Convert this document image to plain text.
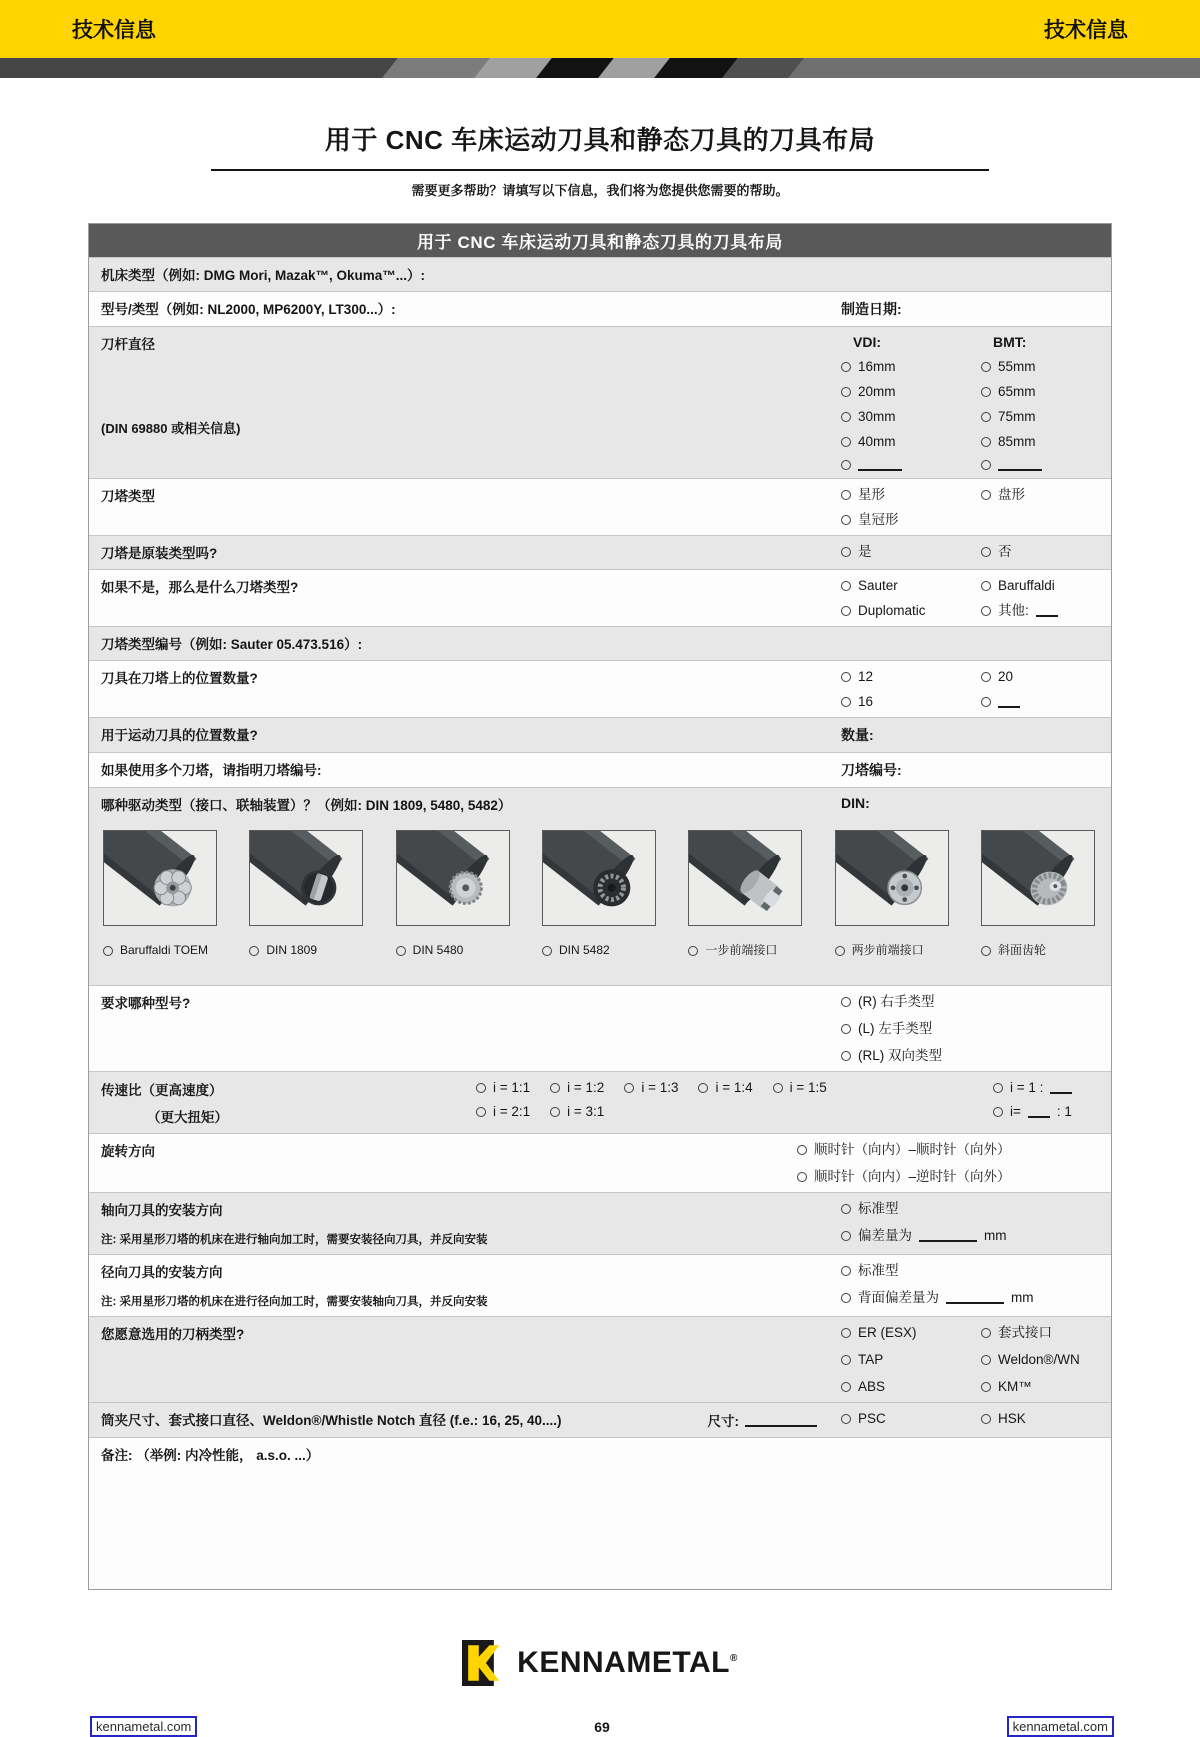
技术信息	技术信息
用于 CNC 车床运动刀具和静态刀具的刀具布局
需要更多帮助？请填写以下信息，我们将为您提供您需要的帮助。
用于 CNC 车床运动刀具和静态刀具的刀具布局
机床类型（例如: DMG Mori, Mazak™, Okuma™...）:
型号/类型（例如: NL2000, MP6200Y, LT300...）:	制造日期:
刀杆直径
(DIN 69880 或相关信息)
VDI:	BMT:
16mm	55mm
20mm	65mm
30mm	75mm
40mm	85mm
刀塔类型	星形	盘形
皇冠形
刀塔是原装类型吗?	是	否
如果不是，那么是什么刀塔类型?	Sauter	Baruffaldi
Duplomatic	其他:
刀塔类型编号（例如: Sauter 05.473.516）:
刀具在刀塔上的位置数量?	12	20
16
用于运动刀具的位置数量?	数量:
如果使用多个刀塔，请指明刀塔编号:	刀塔编号:
哪种驱动类型（接口、联轴装置）？（例如: DIN 1809, 5480, 5482）	DIN:
Baruffaldi TOEM	DIN 1809	DIN 5480	DIN 5482	一步前端接口	两步前端接口	斜面齿轮
要求哪种型号?	(R) 右手类型
(L) 左手类型
(RL) 双向类型
传速比（更高速度）
（更大扭矩）
i = 1:1	i = 1:2	i = 1:3	i = 1:4	i = 1:5
i = 2:1	i = 3:1
i = 1 :
i=	: 1
旋转方向	顺时针（向内）–顺时针（向外）
顺时针（向内）–逆时针（向外）
轴向刀具的安装方向
注: 采用星形刀塔的机床在进行轴向加工时，需要安装径向刀具，并反向安装
标准型
偏差量为	mm
径向刀具的安装方向
注: 采用星形刀塔的机床在进行径向加工时，需要安装轴向刀具，并反向安装
标准型
背面偏差量为	mm
您愿意选用的刀柄类型?	ER (ESX)	套式接口
TAP	Weldon®/WN
ABS	KM™
筒夹尺寸、套式接口直径、Weldon®/Whistle Notch 直径 (f.e.: 16, 25, 40....)	尺寸:	PSC	HSK
备注: （举例: 内冷性能， a.s.o. ...）
KENNAMETAL®
kennametal.com	69	kennametal.com
